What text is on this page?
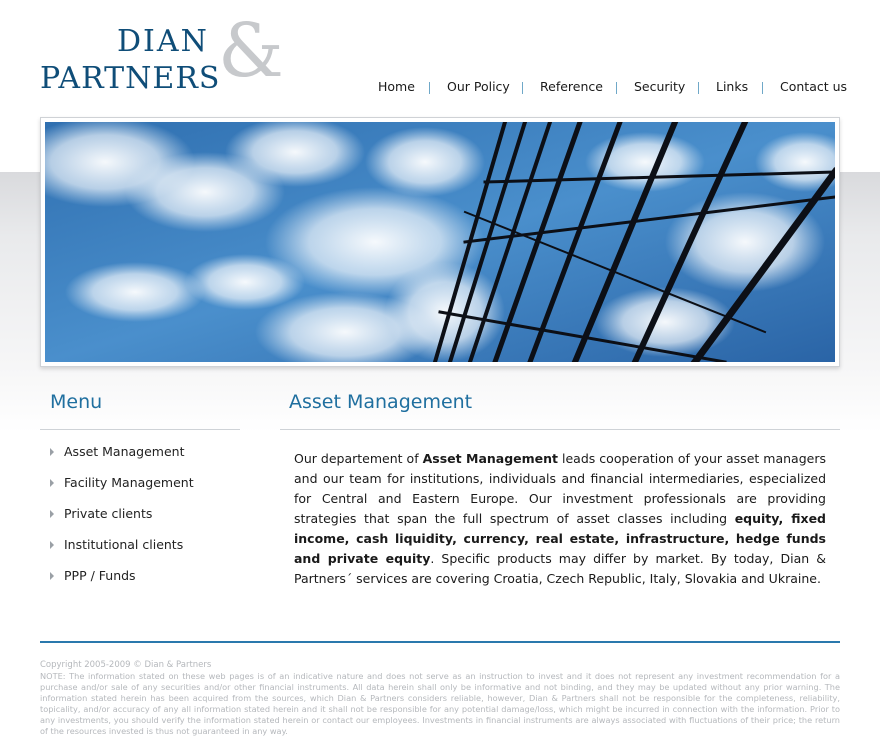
&
DIAN
PARTNERS	Home	Our Policy Reference Security Links	Contact us
Menu
Asset Management
Facility Management
Private clients
Institutional clients
PPP / Funds
Asset Management

Our departement of Asset Management leads cooperation of your asset managers and our team for institutions, individuals and financial intermediaries, especialized for Central and Eastern Europe. Our investment professionals are providing strategies that span the full spectrum of asset classes including equity, fixed income, cash liquidity, currency, real estate, infrastructure, hedge funds and private equity. Specific products may differ by market. By today, Dian & Partners´ services are covering Croatia, Czech Republic, Italy, Slovakia and Ukraine.

Copyright 2005-2009 © Dian & Partners

NOTE: The information stated on these web pages is of an indicative nature and does not serve as an instruction to invest and it does not represent any investment recommendation for a purchase and/or sale of any securities and/or other financial instruments. All data herein shall only be informative and not binding, and they may be updated without any prior warning. The information stated herein has been acquired from the sources, which Dian & Partners considers reliable, however, Dian & Partners shall not be responsible for the completeness, reliability, topicality, and/or accuracy of any all information stated herein and it shall not be responsible for any potential damage/loss, which might be incurred in connection with the information. Prior to any investments, you should verify the information stated herein or contact our employees. Investments in financial instruments are always associated with fluctuations of their price; the return of the resources invested is thus not guaranteed in any way.
